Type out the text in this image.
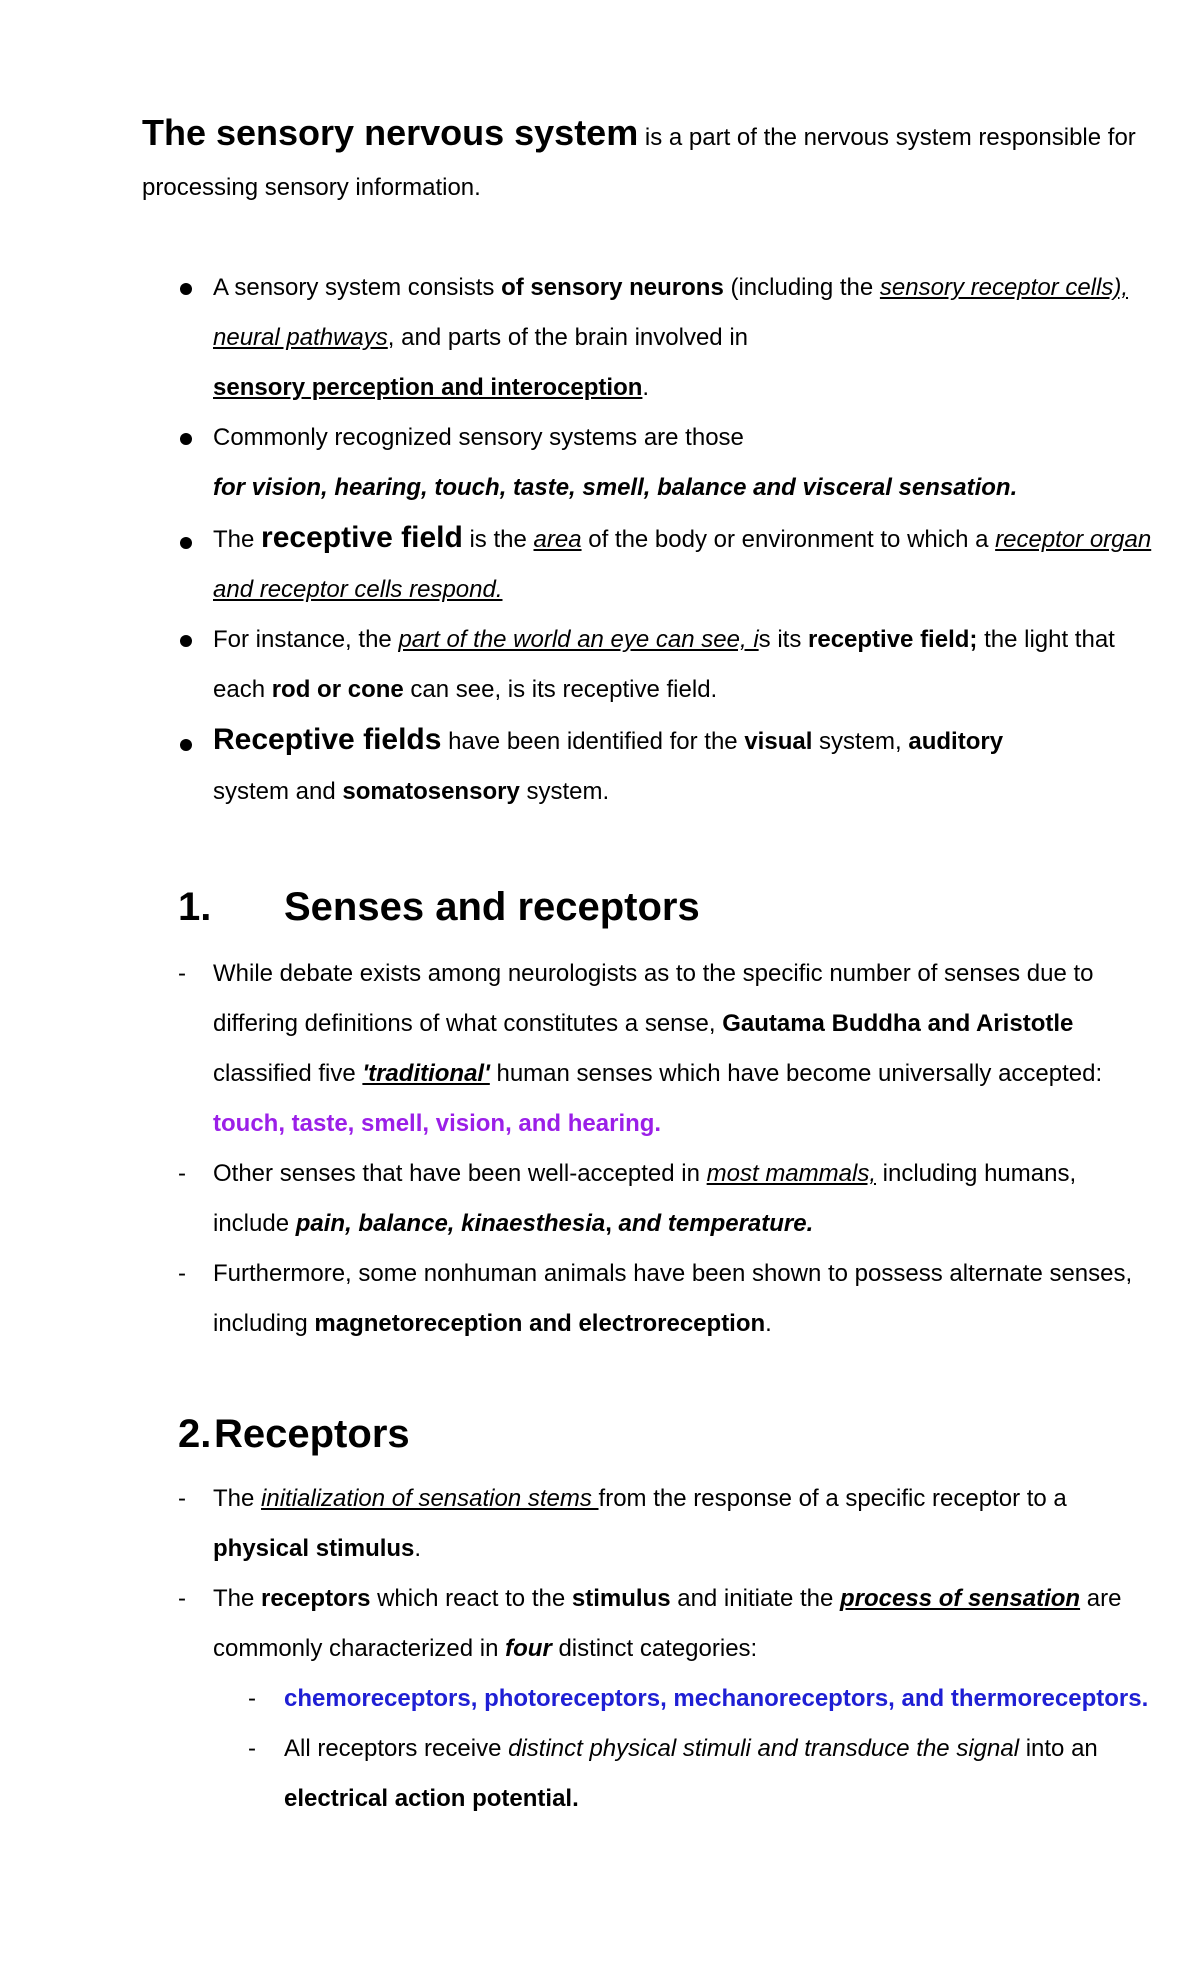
The sensory nervous system is a part of the nervous system responsible for processing sensory information.

A sensory system consists of sensory neurons (including the sensory receptor cells), neural pathways, and parts of the brain involved in
sensory perception and interoception.
Commonly recognized sensory systems are those
for vision, hearing, touch, taste, smell, balance and visceral sensation.
The receptive field is the area of the body or environment to which a receptor organ and receptor cells respond.
For instance, the part of the world an eye can see, is its receptive field; the light that each rod or cone can see, is its receptive field.
Receptive fields have been identified for the visual system, auditory
system and somatosensory system.
1. Senses and receptors
- While debate exists among neurologists as to the specific number of senses due to differing definitions of what constitutes a sense, Gautama Buddha and Aristotle classified five 'traditional' human senses which have become universally accepted: touch, taste, smell, vision, and hearing.
- Other senses that have been well-accepted in most mammals, including humans, include pain, balance, kinaesthesia, and temperature.
- Furthermore, some nonhuman animals have been shown to possess alternate senses, including magnetoreception and electroreception.
2. Receptors
- The initialization of sensation stems from the response of a specific receptor to a physical stimulus.
- The receptors which react to the stimulus and initiate the process of sensation are commonly characterized in four distinct categories:
- chemoreceptors, photoreceptors, mechanoreceptors, and thermoreceptors.
- All receptors receive distinct physical stimuli and transduce the signal into an electrical action potential.
